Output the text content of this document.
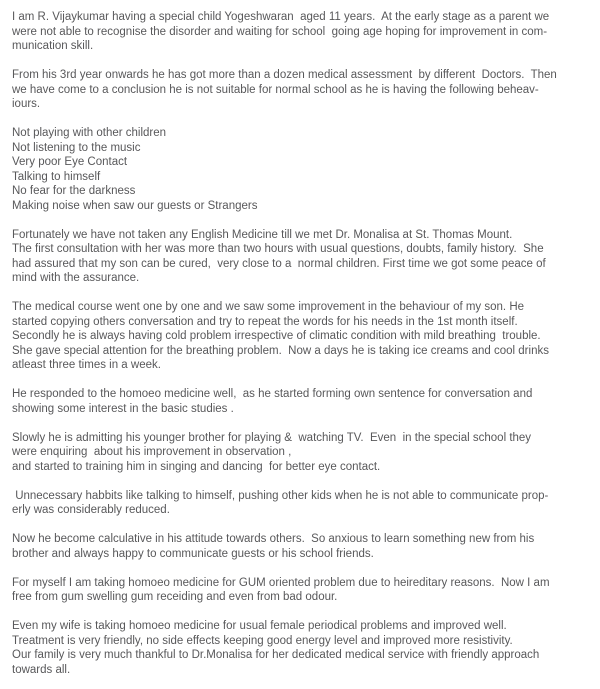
I am R. Vijaykumar having a special child Yogeshwaran  aged 11 years.  At the early stage as a parent we
were not able to recognise the disorder and waiting for school  going age hoping for improvement in com-
munication skill.
From his 3rd year onwards he has got more than a dozen medical assessment  by different  Doctors.  Then
we have come to a conclusion he is not suitable for normal school as he is having the following beheav-
iours.
Not playing with other children
Not listening to the music
Very poor Eye Contact
Talking to himself
No fear for the darkness
Making noise when saw our guests or Strangers
Fortunately we have not taken any English Medicine till we met Dr. Monalisa at St. Thomas Mount.
The first consultation with her was more than two hours with usual questions, doubts, family history.  She
had assured that my son can be cured,  very close to a  normal children. First time we got some peace of
mind with the assurance.
The medical course went one by one and we saw some improvement in the behaviour of my son. He
started copying others conversation and try to repeat the words for his needs in the 1st month itself.
Secondly he is always having cold problem irrespective of climatic condition with mild breathing  trouble.
She gave special attention for the breathing problem.  Now a days he is taking ice creams and cool drinks
atleast three times in a week.
He responded to the homoeo medicine well,  as he started forming own sentence for conversation and
showing some interest in the basic studies .
Slowly he is admitting his younger brother for playing &  watching TV.  Even  in the special school they
were enquiring  about his improvement in observation ,
and started to training him in singing and dancing  for better eye contact.
Unnecessary habbits like talking to himself, pushing other kids when he is not able to communicate prop-
erly was considerably reduced.
Now he become calculative in his attitude towards others.  So anxious to learn something new from his
brother and always happy to communicate guests or his school friends.
For myself I am taking homoeo medicine for GUM oriented problem due to heireditary reasons.  Now I am
free from gum swelling gum receiding and even from bad odour.
Even my wife is taking homoeo medicine for usual female periodical problems and improved well.
Treatment is very friendly, no side effects keeping good energy level and improved more resistivity.
Our family is very much thankful to Dr.Monalisa for her dedicated medical service with friendly approach
towards all.
